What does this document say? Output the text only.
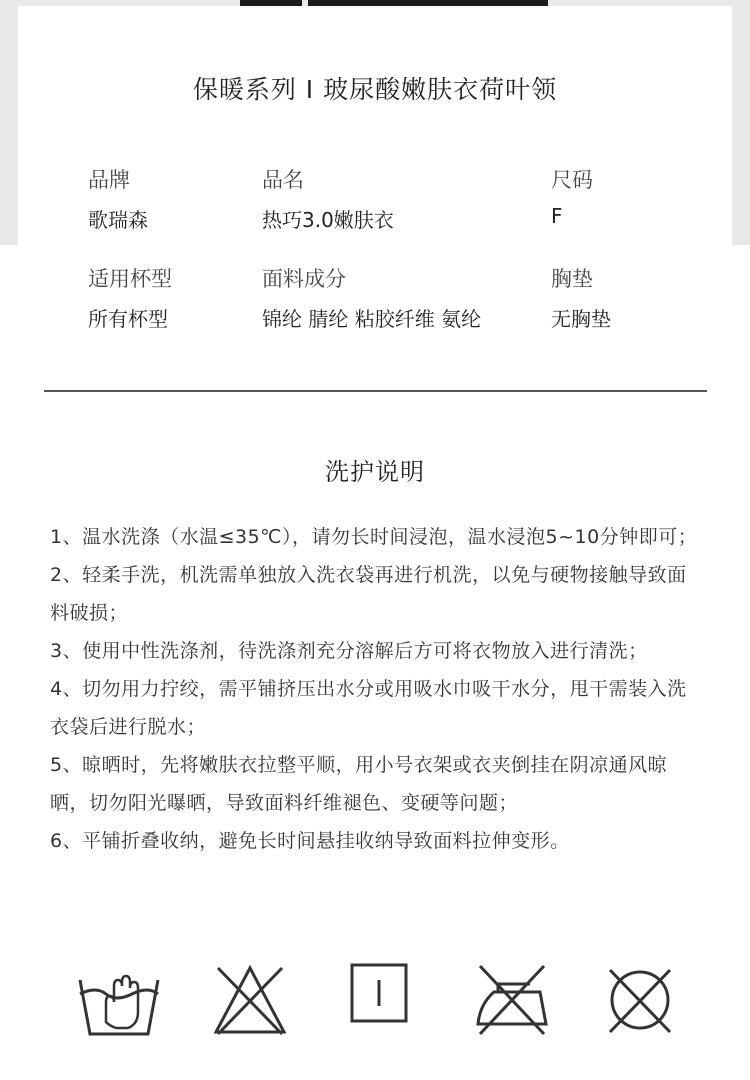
保暖系列 I 玻尿酸嫩肤衣荷叶领
品牌
歌瑞森
品名
热巧3.0嫩肤衣
尺码
F
适用杯型
所有杯型
面料成分
锦纶 腈纶 粘胶纤维 氨纶
胸垫
无胸垫
洗护说明

1、温水洗涤（水温≤35℃），请勿长时间浸泡，温水浸泡5~10分钟即可；

2、轻柔手洗，机洗需单独放入洗衣袋再进行机洗，以免与硬物接触导致面料破损；

3、使用中性洗涤剂，待洗涤剂充分溶解后方可将衣物放入进行清洗；

4、切勿用力拧绞，需平铺挤压出水分或用吸水巾吸干水分，甩干需装入洗衣袋后进行脱水；

5、晾晒时，先将嫩肤衣拉整平顺，用小号衣架或衣夹倒挂在阴凉通风晾晒，切勿阳光曝晒，导致面料纤维褪色、变硬等问题；

6、平铺折叠收纳，避免长时间悬挂收纳导致面料拉伸变形。
